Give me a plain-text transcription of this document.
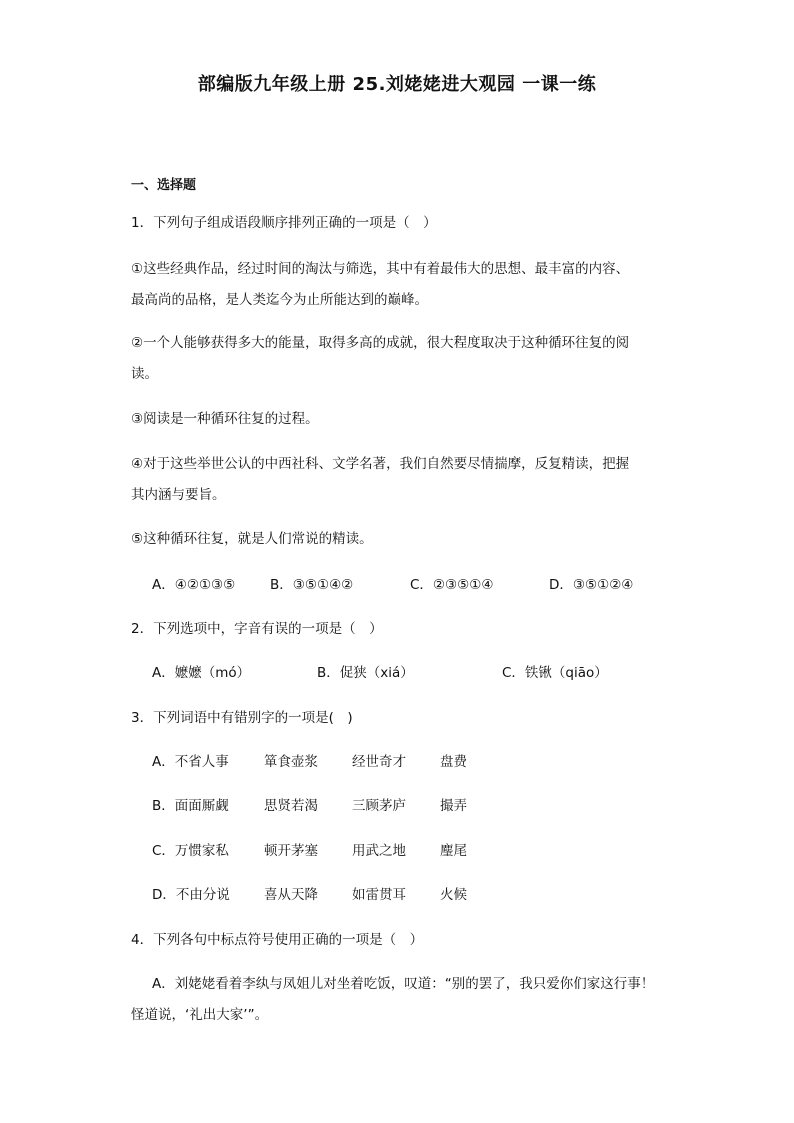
部编版九年级上册 25.刘姥姥进大观园 一课一练
一、选择题
1．下列句子组成语段顺序排列正确的一项是（　）
①这些经典作品，经过时间的淘汰与筛选，其中有着最伟大的思想、最丰富的内容、
最高尚的品格，是人类迄今为止所能达到的巅峰。
②一个人能够获得多大的能量，取得多高的成就，很大程度取决于这种循环往复的阅
读。
③阅读是一种循环往复的过程。
④对于这些举世公认的中西社科、文学名著，我们自然要尽情揣摩，反复精读，把握
其内涵与要旨。
⑤这种循环往复，就是人们常说的精读。
A．④②①③⑤	B．③⑤①④②	C．②③⑤①④	D．③⑤①②④
2．下列选项中，字音有误的一项是（　）
A．嬷嬷（mó）	B．促狭（xiá）	C．铁锹（qiāo）
3．下列词语中有错别字的一项是(　)
A．不省人事	箪食壶浆	经世奇才	盘费
B．面面厮觑	思贤若渴	三顾茅庐	撮弄
C．万惯家私	顿开茅塞	用武之地	麈尾
D．不由分说	喜从天降	如雷贯耳	火候
4．下列各句中标点符号使用正确的一项是（　）
A．刘姥姥看着李纨与凤姐儿对坐着吃饭，叹道：“别的罢了，我只爱你们家这行事！
怪道说，‘礼出大家’”。
